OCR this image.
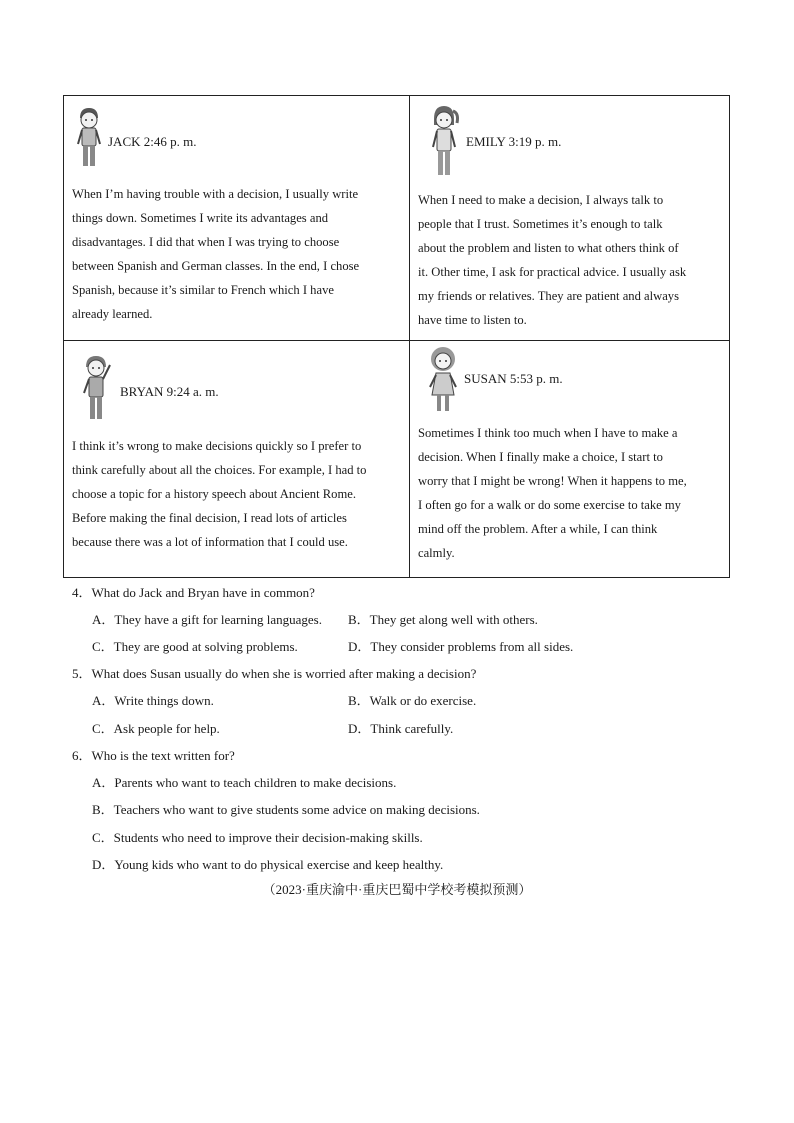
JACK 2:46 p. m.

When I’m having trouble with a decision, I usually write
things down. Sometimes I write its advantages and
disadvantages. I did that when I was trying to choose
between Spanish and German classes. In the end, I chose
Spanish, because it’s similar to French which I have
already learned.

EMILY 3:19 p. m.

When I need to make a decision, I always talk to
people that I trust. Sometimes it’s enough to talk
about the problem and listen to what others think of
it. Other time, I ask for practical advice. I usually ask
my friends or relatives. They are patient and always
have time to listen to.

BRYAN 9:24 a. m.

I think it’s wrong to make decisions quickly so I prefer to
think carefully about all the choices. For example, I had to
choose a topic for a history speech about Ancient Rome.
Before making the final decision, I read lots of articles
because there was a lot of information that I could use.

SUSAN 5:53 p. m.

Sometimes I think too much when I have to make a
decision. When I finally make a choice, I start to
worry that I might be wrong! When it happens to me,
I often go for a walk or do some exercise to take my
mind off the problem. After a while, I can think
calmly.

4．What do Jack and Bryan have in common?
A．They have a gift for learning languages. B．They get along well with others.
C．They are good at solving problems.	D．They consider problems from all sides.
5．What does Susan usually do when she is worried after making a decision?
A．Write things down.	B．Walk or do exercise.
C．Ask people for help.	D．Think carefully.
6．Who is the text written for?
A．Parents who want to teach children to make decisions.
B．Teachers who want to give students some advice on making decisions.
C．Students who need to improve their decision-making skills.
D．Young kids who want to do physical exercise and keep healthy.
（2023·重庆渝中·重庆巴蜀中学校考模拟预测）
